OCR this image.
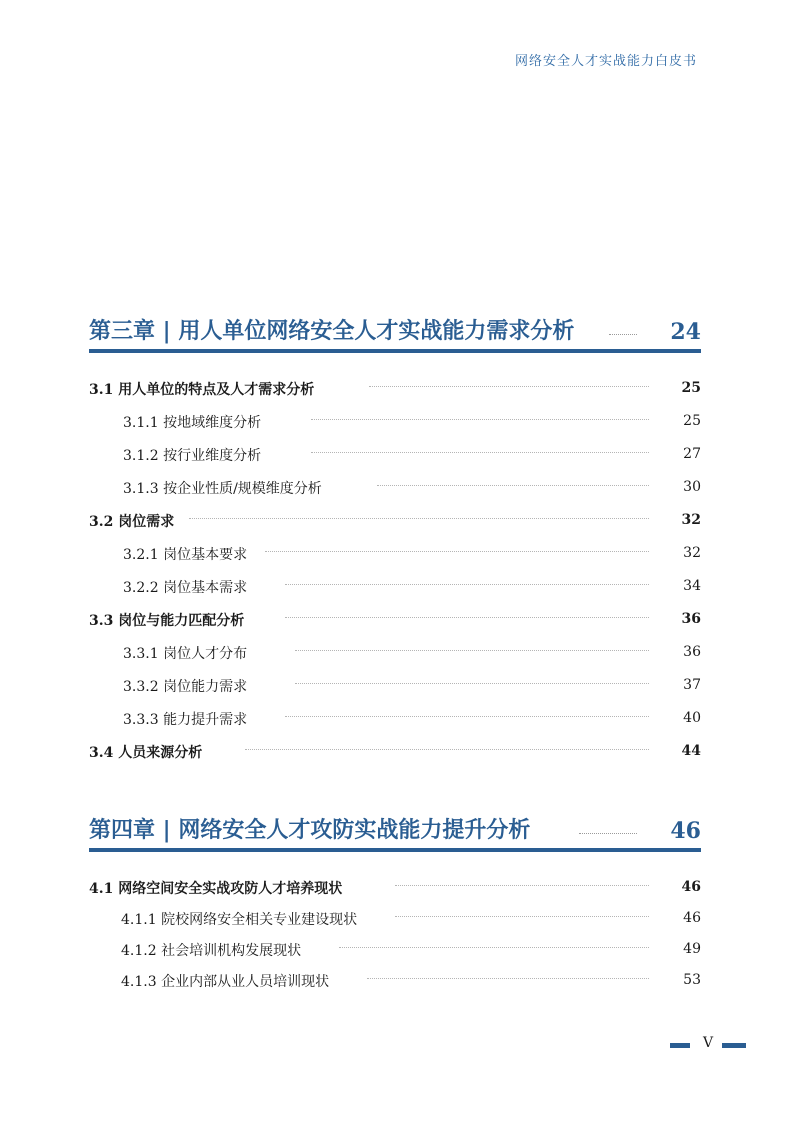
网络安全人才实战能力白皮书
第三章 | 用人单位网络安全人才实战能力需求分析	24
3.1 用人单位的特点及人才需求分析	25
3.1.1 按地域维度分析	25
3.1.2 按行业维度分析	27
3.1.3 按企业性质/规模维度分析	30
3.2 岗位需求	32
3.2.1 岗位基本要求	32
3.2.2 岗位基本需求	34
3.3 岗位与能力匹配分析	36
3.3.1 岗位人才分布	36
3.3.2 岗位能力需求	37
3.3.3 能力提升需求	40
3.4 人员来源分析	44
第四章 | 网络安全人才攻防实战能力提升分析	46
4.1 网络空间安全实战攻防人才培养现状	46
4.1.1 院校网络安全相关专业建设现状	46
4.1.2 社会培训机构发展现状	49
4.1.3 企业内部从业人员培训现状	53
V
